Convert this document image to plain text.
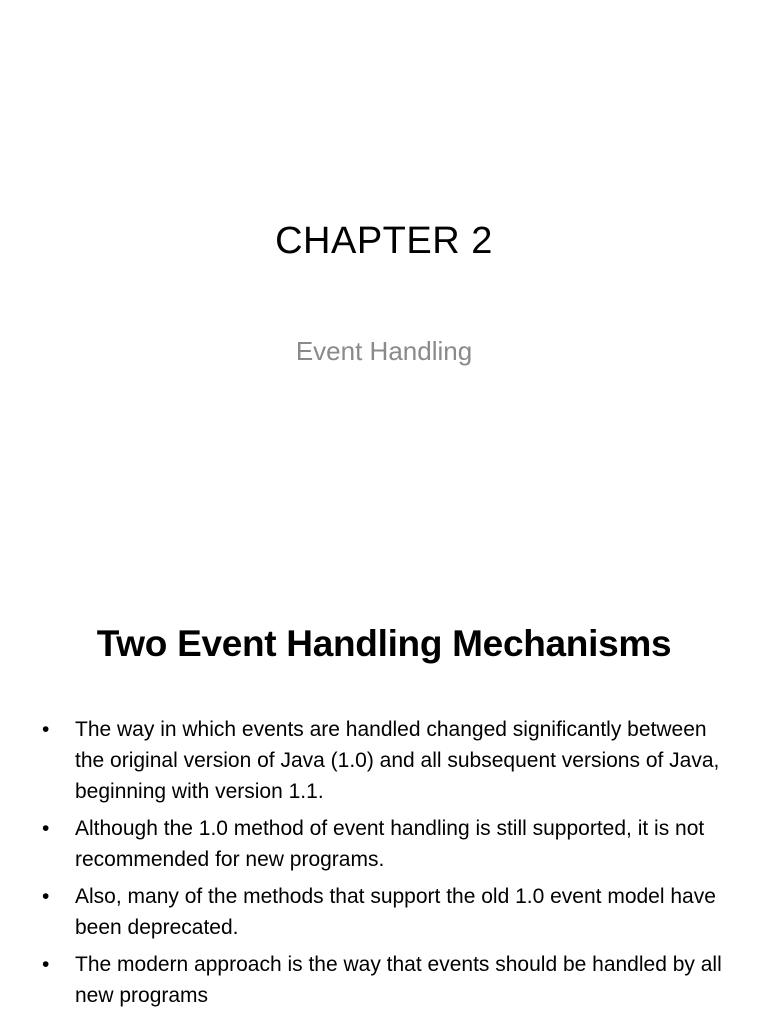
CHAPTER 2
Event Handling
Two Event Handling Mechanisms
•	The way in which events are handled changed significantly between the original version of Java (1.0) and all subsequent versions of Java, beginning with version 1.1.
•	Although the 1.0 method of event handling is still supported, it is not recommended for new programs.
•	Also, many of the methods that support the old 1.0 event model have been deprecated.
•	The modern approach is the way that events should be handled by all new programs
